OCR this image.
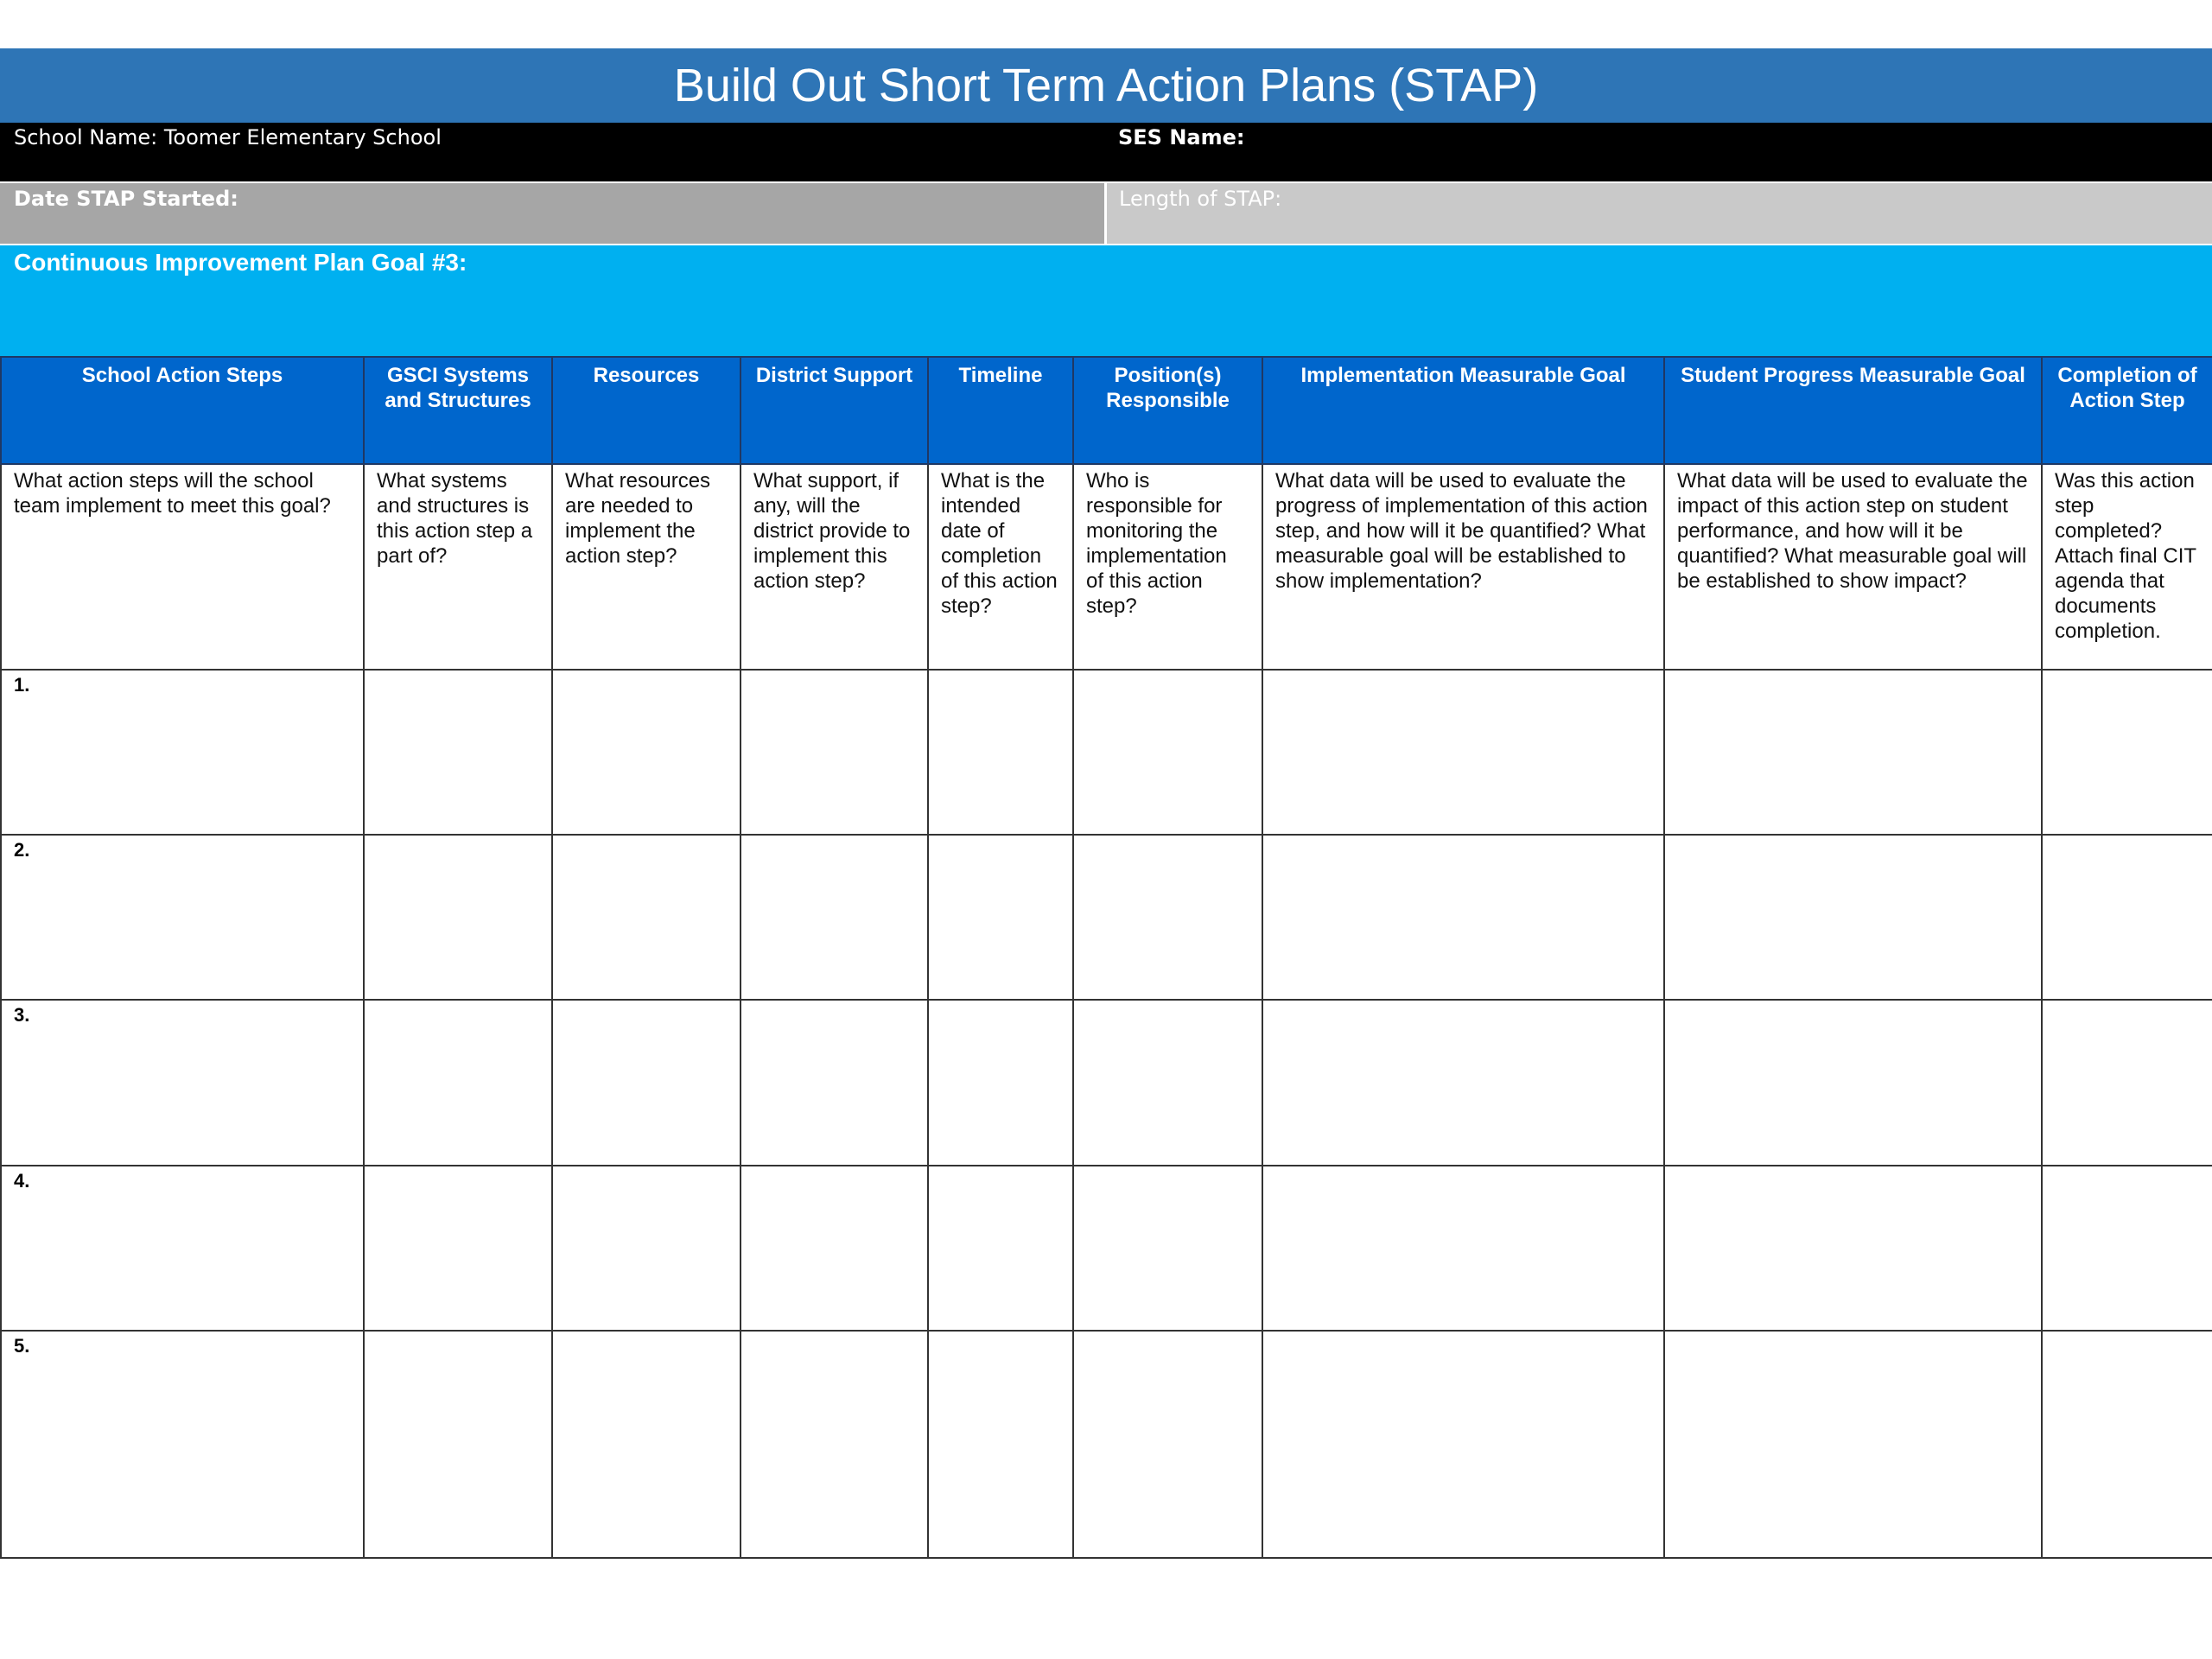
Build Out Short Term Action Plans (STAP)
School Name: Toomer Elementary School	SES Name:
Date STAP Started:	Length of STAP:
Continuous Improvement Plan Goal #3:
School Action Steps	GSCI Systems and Structures	Resources	District Support	Timeline	Position(s) Responsible	Implementation Measurable Goal	Student Progress Measurable Goal	Completion of Action Step
What action steps will the school team implement to meet this goal?	What systems and structures is this action step a part of?	What resources are needed to implement the action step?	What support, if any, will the district provide to implement this action step?	What is the intended date of completion of this action step?	Who is responsible for monitoring the implementation of this action step?	What data will be used to evaluate the progress of implementation of this action step, and how will it be quantified? What measurable goal will be established to show implementation?	What data will be used to evaluate the impact of this action step on student performance, and how will it be quantified? What measurable goal will be established to show impact?	Was this action step completed? Attach final CIT agenda that documents completion.
1.								
2.								
3.								
4.								
5.								
